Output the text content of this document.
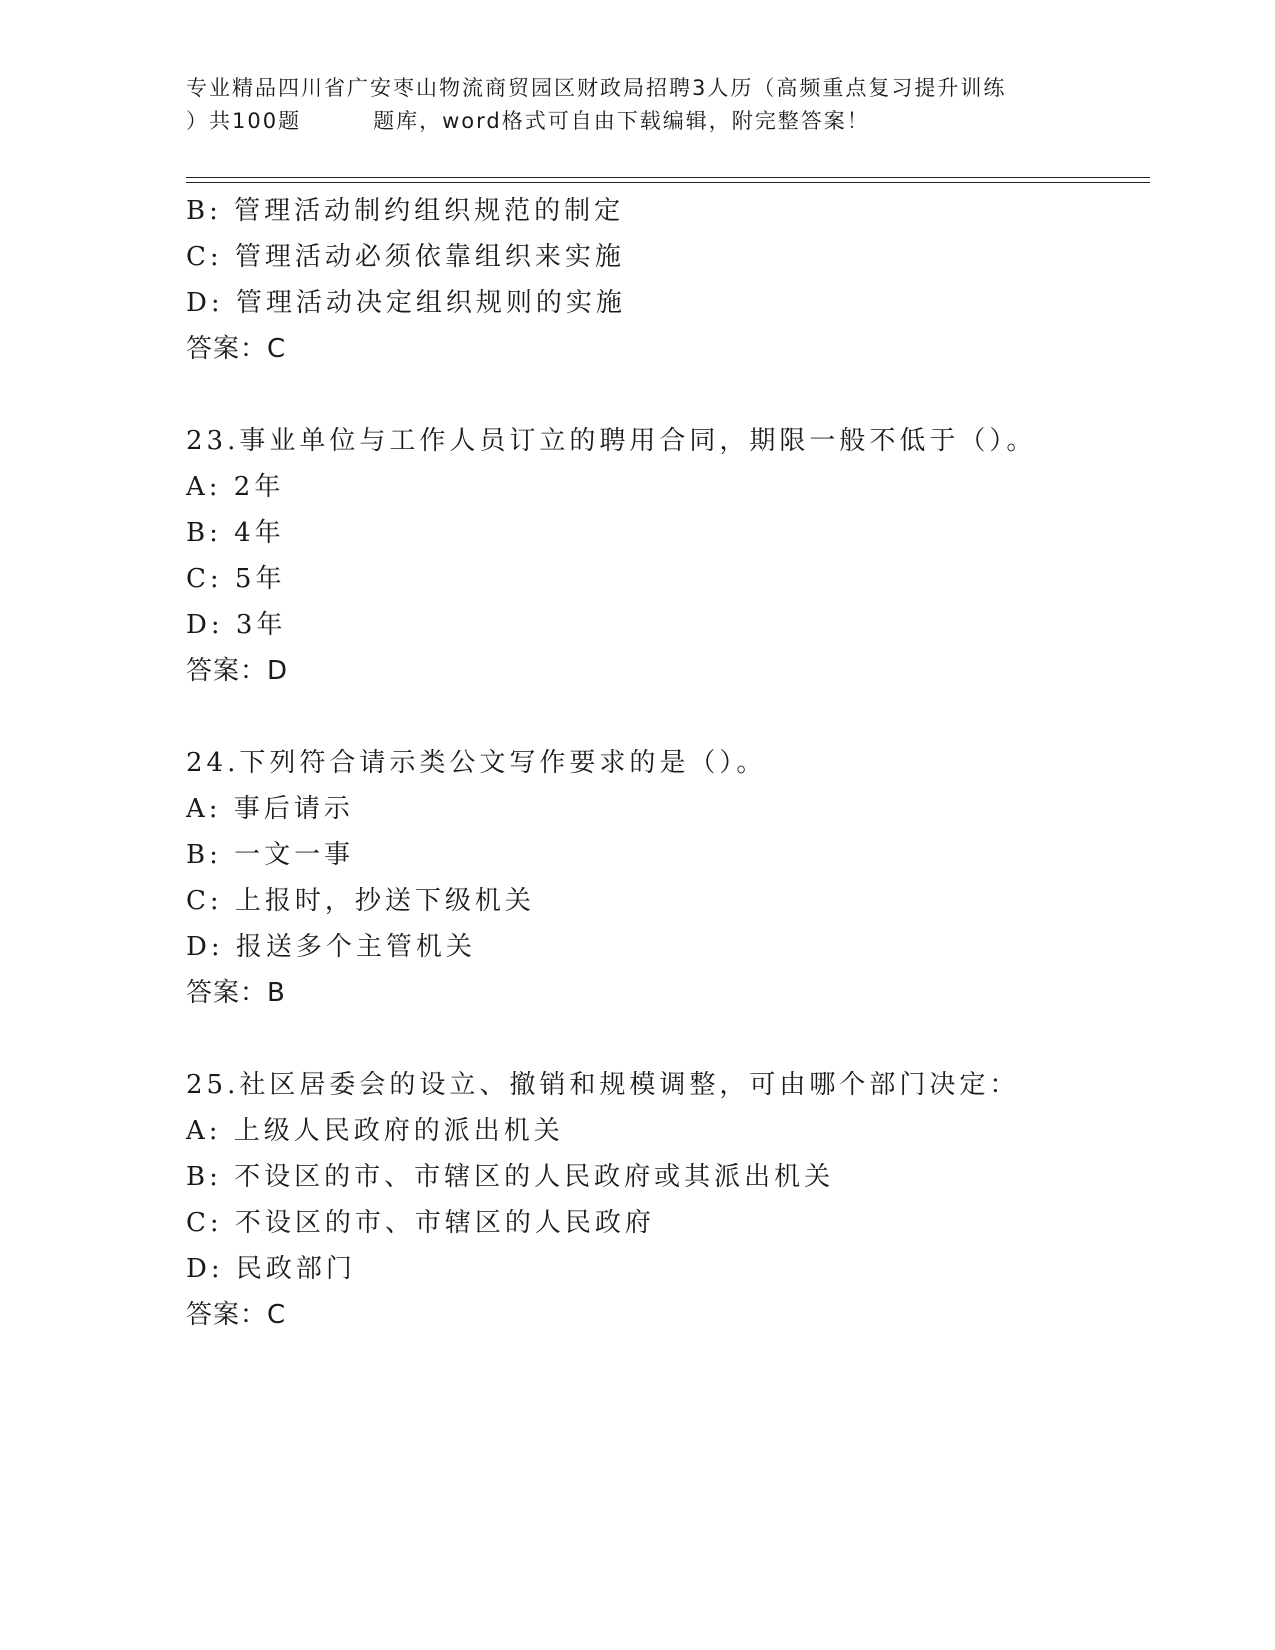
专业精品四川省广安枣山物流商贸园区财政局招聘3人历（高频重点复习提升训练
）共100题	题库，word格式可自由下载编辑，附完整答案！
B: 管理活动制约组织规范的制定
C: 管理活动必须依靠组织来实施
D: 管理活动决定组织规则的实施
答案：C
23.事业单位与工作人员订立的聘用合同，期限一般不低于（）。
A: 2年
B: 4年
C: 5年
D: 3年
答案：D
24.下列符合请示类公文写作要求的是（）。
A: 事后请示
B: 一文一事
C: 上报时，抄送下级机关
D: 报送多个主管机关
答案：B
25.社区居委会的设立、撤销和规模调整，可由哪个部门决定：
A: 上级人民政府的派出机关
B: 不设区的市、市辖区的人民政府或其派出机关
C: 不设区的市、市辖区的人民政府
D: 民政部门
答案：C
